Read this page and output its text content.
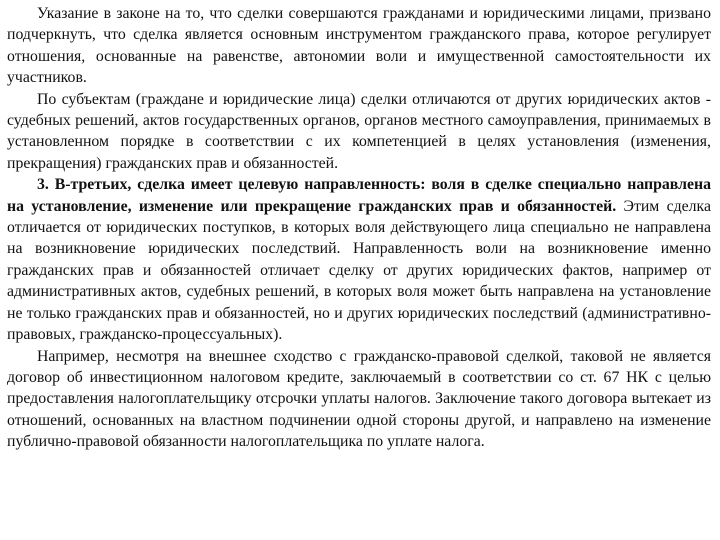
Указание в законе на то, что сделки совершаются гражданами и юридическими лицами, призвано подчеркнуть, что сделка является основным инструментом гражданского права, которое регулирует отношения, основанные на равенстве, автономии воли и имущественной самостоятельности их участников.

По субъектам (граждане и юридические лица) сделки отличаются от других юридических актов - судебных решений, актов государственных органов, органов местного самоуправления, принимаемых в установленном порядке в соответствии с их компетенцией в целях установления (изменения, прекращения) гражданских прав и обязанностей.

3. В-третьих, сделка имеет целевую направленность: воля в сделке специально направлена на установление, изменение или прекращение гражданских прав и обязанностей. Этим сделка отличается от юридических поступков, в которых воля действующего лица специально не направлена на возникновение юридических последствий. Направленность воли на возникновение именно гражданских прав и обязанностей отличает сделку от других юридических фактов, например от административных актов, судебных решений, в которых воля может быть направлена на установление не только гражданских прав и обязанностей, но и других юридических последствий (административно-правовых, гражданско-процессуальных).

Например, несмотря на внешнее сходство с гражданско-правовой сделкой, таковой не является договор об инвестиционном налоговом кредите, заключаемый в соответствии со ст. 67 НК с целью предоставления налогоплательщику отсрочки уплаты налогов. Заключение такого договора вытекает из отношений, основанных на властном подчинении одной стороны другой, и направлено на изменение публично-правовой обязанности налогоплательщика по уплате налога.
